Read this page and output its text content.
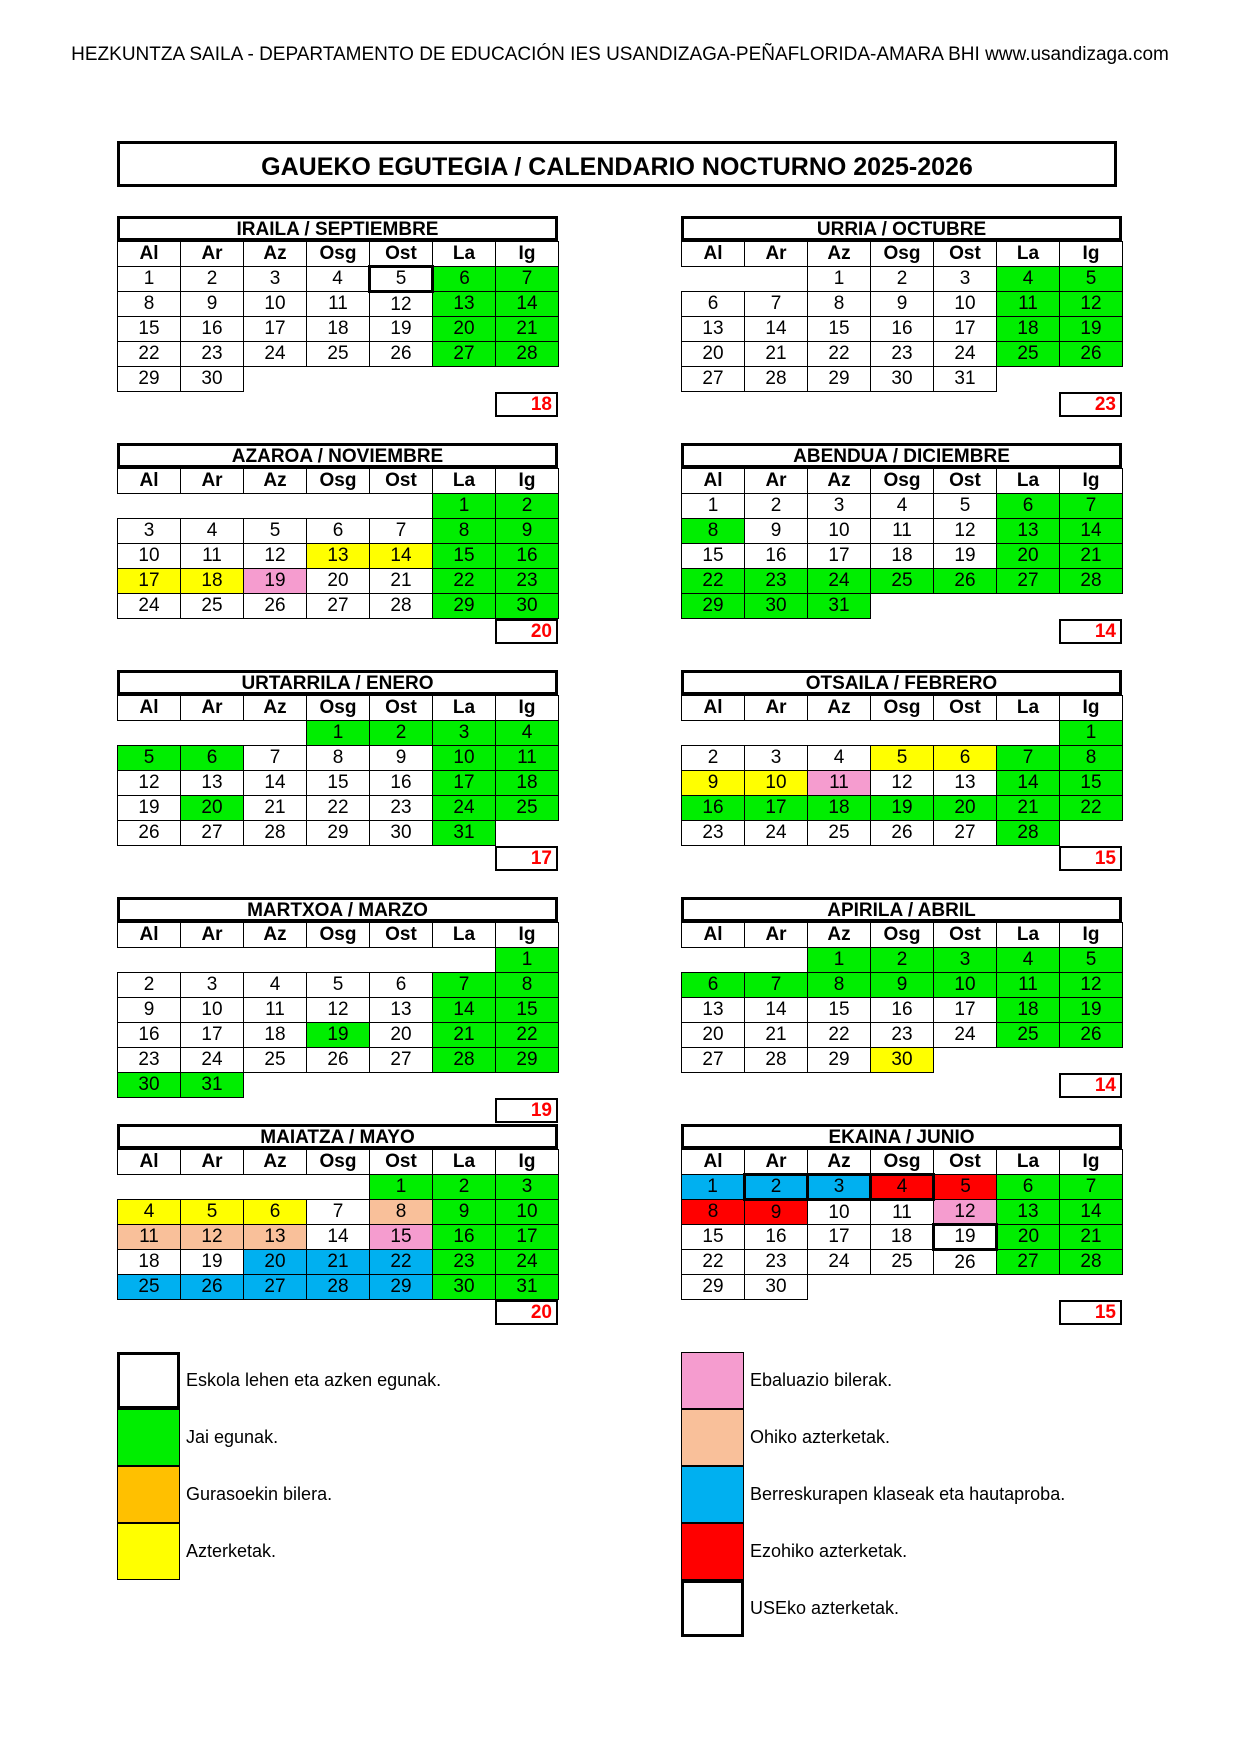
HEZKUNTZA SAILA - DEPARTAMENTO DE EDUCACIÓN IES USANDIZAGA-PEÑAFLORIDA-AMARA BHI www.usandizaga.com
GAUEKO EGUTEGIA / CALENDARIO NOCTURNO 2025-2026
IRAILA / SEPTIEMBRE
Al	Ar	Az	Osg	Ost	La	Ig
1	2	3	4	5	6	7
8	9	10	11	12	13	14
15	16	17	18	19	20	21
22	23	24	25	26	27	28
29	30					
18
URRIA / OCTUBRE
Al	Ar	Az	Osg	Ost	La	Ig
		1	2	3	4	5
6	7	8	9	10	11	12
13	14	15	16	17	18	19
20	21	22	23	24	25	26
27	28	29	30	31		
23
AZAROA / NOVIEMBRE
Al	Ar	Az	Osg	Ost	La	Ig
					1	2
3	4	5	6	7	8	9
10	11	12	13	14	15	16
17	18	19	20	21	22	23
24	25	26	27	28	29	30
20
ABENDUA / DICIEMBRE
Al	Ar	Az	Osg	Ost	La	Ig
1	2	3	4	5	6	7
8	9	10	11	12	13	14
15	16	17	18	19	20	21
22	23	24	25	26	27	28
29	30	31				
14
URTARRILA / ENERO
Al	Ar	Az	Osg	Ost	La	Ig
			1	2	3	4
5	6	7	8	9	10	11
12	13	14	15	16	17	18
19	20	21	22	23	24	25
26	27	28	29	30	31	
17
OTSAILA / FEBRERO
Al	Ar	Az	Osg	Ost	La	Ig
						1
2	3	4	5	6	7	8
9	10	11	12	13	14	15
16	17	18	19	20	21	22
23	24	25	26	27	28	
15
MARTXOA / MARZO
Al	Ar	Az	Osg	Ost	La	Ig
						1
2	3	4	5	6	7	8
9	10	11	12	13	14	15
16	17	18	19	20	21	22
23	24	25	26	27	28	29
30	31					
19
APIRILA / ABRIL
Al	Ar	Az	Osg	Ost	La	Ig
		1	2	3	4	5
6	7	8	9	10	11	12
13	14	15	16	17	18	19
20	21	22	23	24	25	26
27	28	29	30			
14
MAIATZA / MAYO
Al	Ar	Az	Osg	Ost	La	Ig
				1	2	3
4	5	6	7	8	9	10
11	12	13	14	15	16	17
18	19	20	21	22	23	24
25	26	27	28	29	30	31
20
EKAINA / JUNIO
Al	Ar	Az	Osg	Ost	La	Ig
1	2	3	4	5	6	7
8	9	10	11	12	13	14
15	16	17	18	19	20	21
22	23	24	25	26	27	28
29	30					
15
Eskola lehen eta azken egunak.
Jai egunak.
Gurasoekin bilera.
Azterketak.
Ebaluazio bilerak.
Ohiko azterketak.
Berreskurapen klaseak eta hautaproba.
Ezohiko azterketak.
USEko azterketak.
